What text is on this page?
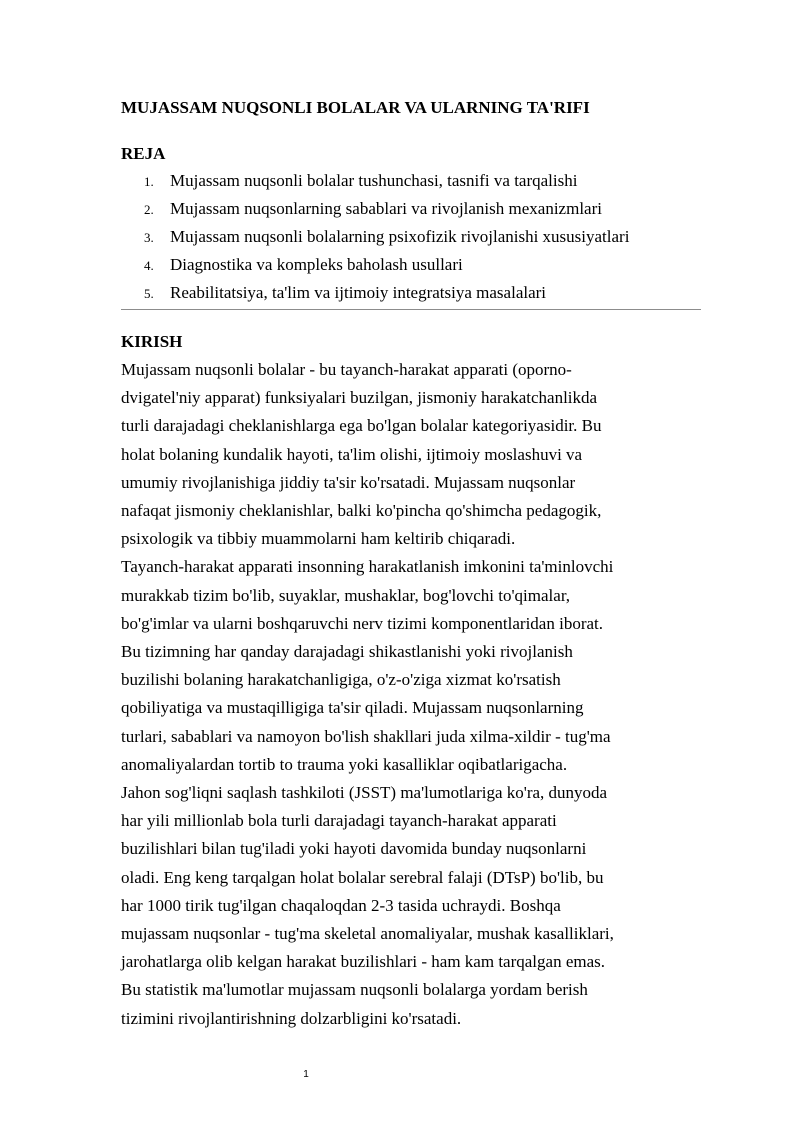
MUJASSAM NUQSONLI BOLALAR VA ULARNING TA'RIFI
REJA
1. Mujassam nuqsonli bolalar tushunchasi, tasnifi va tarqalishi
2. Mujassam nuqsonlarning sabablari va rivojlanish mexanizmlari
3. Mujassam nuqsonli bolalarning psixofizik rivojlanishi xususiyatlari
4. Diagnostika va kompleks baholash usullari
5. Reabilitatsiya, ta'lim va ijtimoiy integratsiya masalalari
KIRISH

Mujassam nuqsonli bolalar - bu tayanch-harakat apparati (oporno-
dvigatel'niy apparat) funksiyalari buzilgan, jismoniy harakatchanlikda
turli darajadagi cheklanishlarga ega bo'lgan bolalar kategoriyasidir. Bu
holat bolaning kundalik hayoti, ta'lim olishi, ijtimoiy moslashuvi va
umumiy rivojlanishiga jiddiy ta'sir ko'rsatadi. Mujassam nuqsonlar
nafaqat jismoniy cheklanishlar, balki ko'pincha qo'shimcha pedagogik,
psixologik va tibbiy muammolarni ham keltirib chiqaradi.
Tayanch-harakat apparati insonning harakatlanish imkonini ta'minlovchi
murakkab tizim bo'lib, suyaklar, mushaklar, bog'lovchi to'qimalar,
bo'g'imlar va ularni boshqaruvchi nerv tizimi komponentlaridan iborat.
Bu tizimning har qanday darajadagi shikastlanishi yoki rivojlanish
buzilishi bolaning harakatchanligiga, o'z-o'ziga xizmat ko'rsatish
qobiliyatiga va mustaqilligiga ta'sir qiladi. Mujassam nuqsonlarning
turlari, sabablari va namoyon bo'lish shakllari juda xilma-xildir - tug'ma
anomaliyalardan tortib to trauma yoki kasalliklar oqibatlarigacha.
Jahon sog'liqni saqlash tashkiloti (JSST) ma'lumotlariga ko'ra, dunyoda
har yili millionlab bola turli darajadagi tayanch-harakat apparati
buzilishlari bilan tug'iladi yoki hayoti davomida bunday nuqsonlarni
oladi. Eng keng tarqalgan holat bolalar serebral falaji (DTsP) bo'lib, bu
har 1000 tirik tug'ilgan chaqaloqdan 2-3 tasida uchraydi. Boshqa
mujassam nuqsonlar - tug'ma skeletal anomaliyalar, mushak kasalliklari,
jarohatlarga olib kelgan harakat buzilishlari - ham kam tarqalgan emas.
Bu statistik ma'lumotlar mujassam nuqsonli bolalarga yordam berish
tizimini rivojlantirishning dolzarbligini ko'rsatadi.

1
